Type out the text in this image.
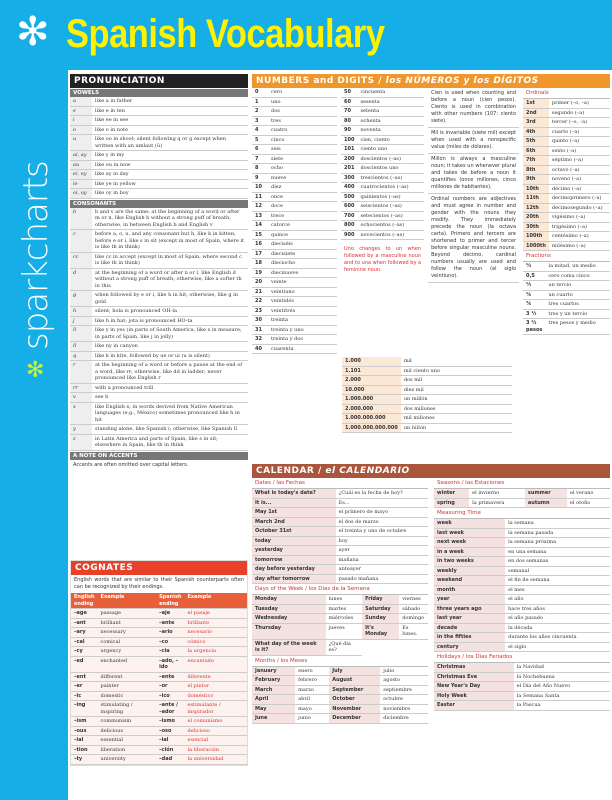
✻ Spanish Vocabulary
sparkcharts
✻
PRONUNCIATION
VOWELS
a	like a in father
e	like e in ten
i	like ee in see
o	like o in note
u	like oo in shoot; silent following q or g except when written with an umlaut (ü)
ai, ay	like y in my
au	like ou in now
ei, ey	like ay in day
ie	like ye in yellow
oi, oy	like oy in boy
CONSONANTS
b	b and v are the same; at the beginning of a word or after m or n, like English b without a strong puff of breath; otherwise, in between English b and English v
c	before a, o, u, and any consonant but h, like k in kitten; before e or i, like s in sit (except in most of Spain, where it is like th in think)
cc	like cc in accept (except in most of Spain, where second c is like th in think)
d	at the beginning of a word or after n or l, like English d without a strong puff of breath; otherwise, like a softer th in this
g	when followed by e or i, like h in hit; otherwise, like g in gold
h	silent; hola is pronounced OH-la
j	like h in hat; jota is pronounced HO-ta
ll	like y in yes (in parts of South America, like s in measure; in parts of Spain, like j in jolly)
ñ	like ny in canyon
q	like k in kite, followed by ue or ui (u is silent)
r	at the beginning of a word or before a pause at the end of a word, like rr; otherwise, like dd in ladder; never pronounced like English r
rr	with a pronounced trill
v	see b
x	like English x; in words derived from Native American languages (e.g., México) sometimes pronounced like h in hit
y	standing alone, like Spanish i; otherwise, like Spanish ll
z	in Latin America and parts of Spain, like s in sit; elsewhere in Spain, like th in think
A NOTE ON ACCENTS
Accents are often omitted over capital letters.
COGNATES
English words that are similar to their Spanish counterparts often can be recognized by their endings.
English ending	Example	Spanish ending	Example
–age	passage	–aje	el pasaje
–ant	brilliant	–ante	brillante
–ary	necessary	–ario	necesario
–cal	comical	–co	cómico
–cy	urgency	–cia	la urgencia
–ed	enchanted	–ado, –ido	encantado
–ent	different	–ente	diferente
–er	painter	–or	el pintor
–ic	domestic	–ico	doméstico
–ing	stimulating / inspiring	–ante / –ador	estimulante / inspirador
–ism	communism	–ismo	el comunismo
–ous	delicious	–oso	delicioso
–ial	essential	–ial	esencial
–tion	liberation	–ción	la liberación
–ty	university	–dad	la universidad
NUMBERS and DIGITS / los NÚMEROS y los DÍGITOS
0	cero
1	uno
2	dos
3	tres
4	cuatro
5	cinco
6	seis
7	siete
8	ocho
9	nueve
10	diez
11	once
12	doce
13	trece
14	catorce
15	quince
16	dieciséis
17	diecisiete
18	dieciocho
19	diecinueve
20	veinte
21	veintiuno
22	veintidós
23	veintitrés
30	treinta
31	treinta y uno
32	treinta y dos
40	cuarenta
50	cincuenta
60	sesenta
70	setenta
80	ochenta
90	noventa
100	cien, ciento
101	ciento uno
200	doscientos (–as)
201	doscientos uno
300	trescientos (–as)
400	cuatrocientos (–as)
500	quinientos (–as)
600	seiscientos (–as)
700	setecientos (–as)
800	ochocientos (–as)
900	novecientos (–as)
Uno changes to un when followed by a masculine noun and to una when followed by a feminine noun.
Cien is used when counting and before a noun (cien pesos). Ciento is used in combination with other numbers (107: ciento siete).
Mil is invariable (siete mil) except when used with a nonspecific value (miles de dólares).
Millón is always a masculine noun; it takes un whenever plural and takes de before a noun it quantifies (once millones, cinco millones de habitantes).
Ordinal numbers are adjectives and must agree in number and gender with the nouns they modify. They immediately precede the noun (la octava carta). Primero and tercero are shortened to primer and tercer before singular masculine nouns. Beyond décimo, cardinal numbers usually are used and follow the noun (el siglo veintiuno).
Ordinals
1st	primer (–o, –a)
2nd	segundo (–a)
3rd	tercer (–o, –a)
4th	cuarto (–a)
5th	quinto (–a)
6th	sexto (–a)
7th	séptimo (–a)
8th	octavo (–a)
9th	noveno (–a)
10th	décimo (–a)
11th	decimoprimero (–a)
12th	decimosegundo (–a)
20th	vigésimo (–a)
30th	trigésimo (–a)
100th	centésimo (–a)
1000th	milésimo (–a)
Fractions
½	la mitad, un medio
0,5	cero coma cinco
⅓	un tercio
¼	un cuarto
¾	tres cuartos
3 ⅓	tres y un tercio
3 ½ pesos	tres pesos y medio
1.000	mil
1.101	mil ciento uno
2.000	dos mil
10.000	diez mil
1.000.000	un millón
2.000.000	dos millones
1.000.000.000	mil millones
1.000.000.000.000	un billón
CALENDAR / el CALENDARIO
Dates / las Fechas
What is today's date?	¿Cuál es la fecha de hoy?
It is...	Es...
May 1st	el primero de mayo
March 2nd	el dos de marzo
October 31st	el treinta y uno de octubre
today	hoy
yesterday	ayer
tomorrow	mañana
day before yesterday	anteayer
day after tomorrow	pasado mañana
Days of the Week / los Días de la Semana
Monday	lunes	Friday	viernes
Tuesday	martes	Saturday	sábado
Wednesday	miércoles	Sunday	domingo
Thursday	jueves	It's Monday	Es lunes.
What day of the week is it?	¿Qué día es?		
Months / los Meses
January	enero	July	julio
February	febrero	August	agosto
March	marzo	September	septiembre
April	abril	October	octubre
May	mayo	November	noviembre
June	junio	December	diciembre
Seasons / las Estaciones
winter	el invierno	summer	el verano
spring	la primavera	autumn	el otoño
Measuring Time
week	la semana
last week	la semana pasada
next week	la semana próxima
in a week	en una semana
in two weeks	en dos semanas
weekly	semanal
weekend	el fin de semana
month	el mes
year	el año
three years ago	hace tres años
last year	el año pasado
decade	la década
in the fifties	durante los años cincuenta
century	el siglo
Holidays / los Días Feriados
Christmas	la Navidad
Christmas Eve	la Nochebuena
New Year's Day	el Día del Año Nuevo
Holy Week	la Semana Santa
Easter	la Pascua
